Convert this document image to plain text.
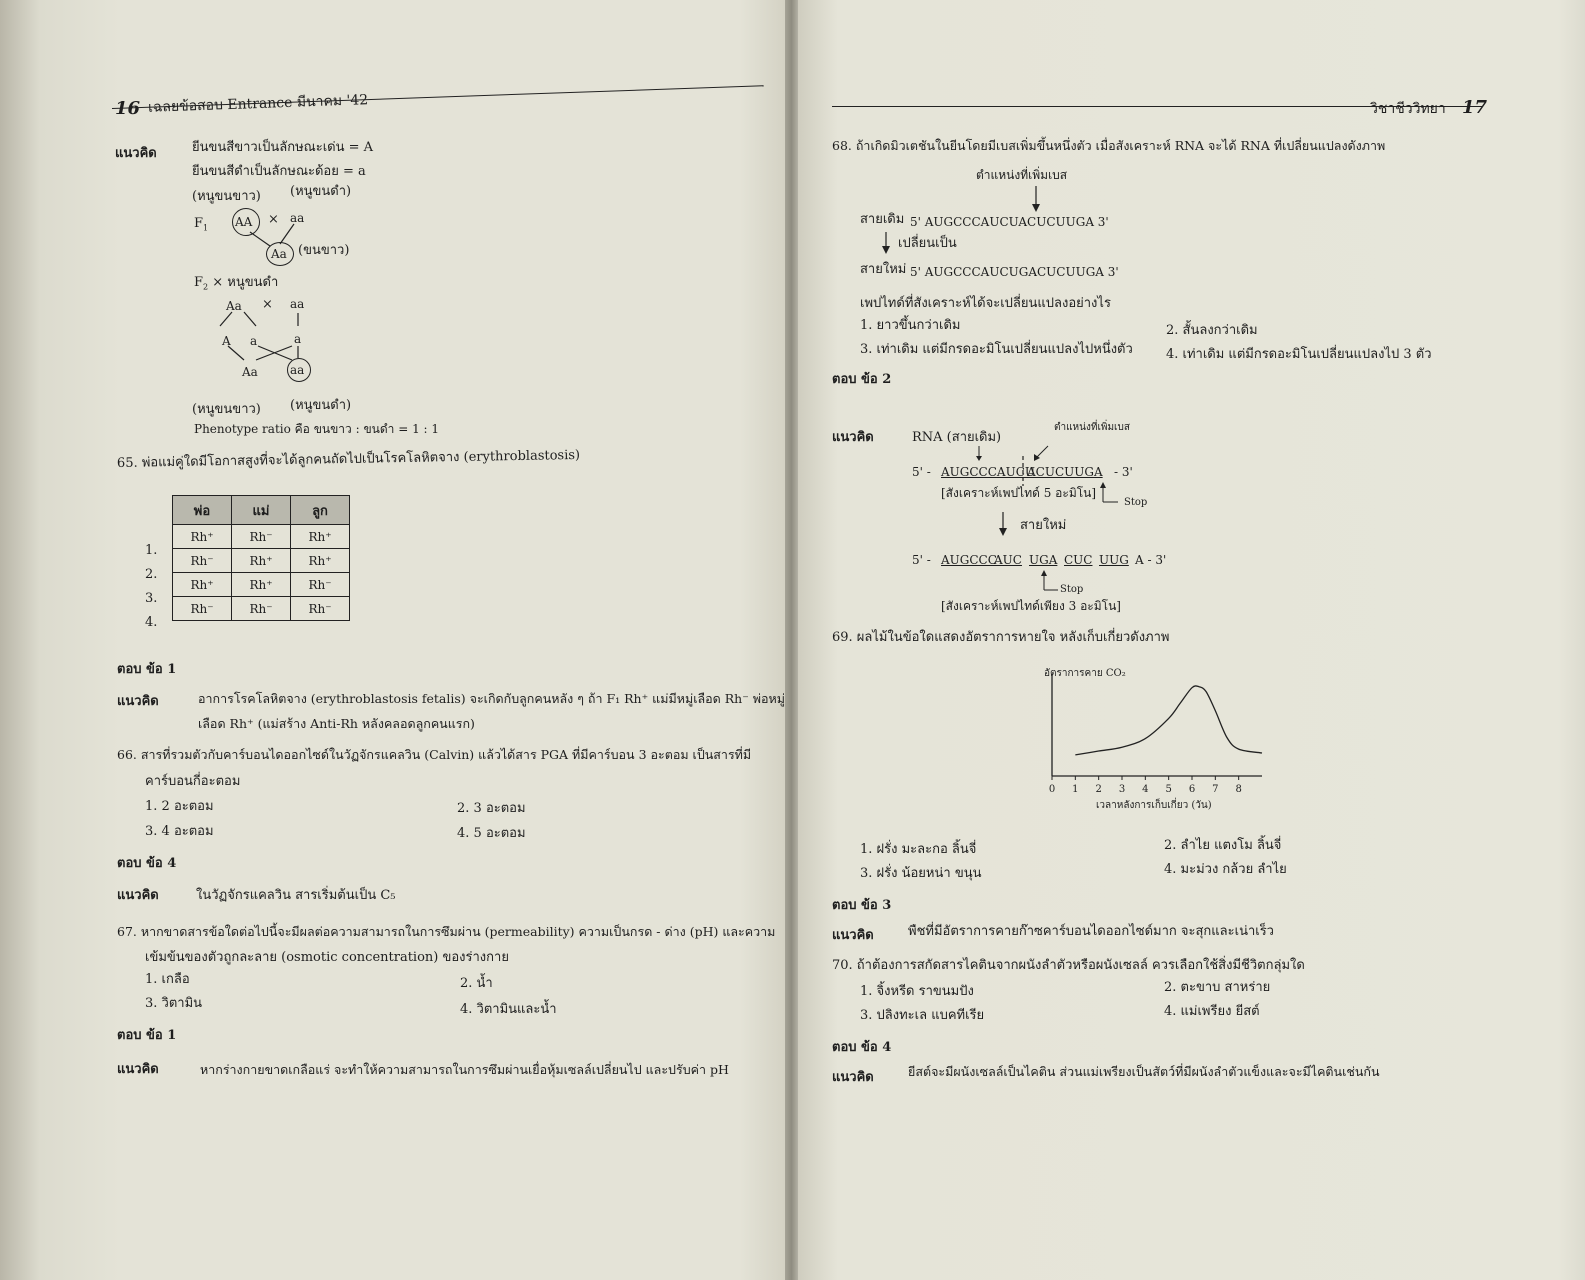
16 เฉลยข้อสอบ Entrance มีนาคม '42
แนวคิด	ยีนขนสีขาวเป็นลักษณะเด่น = A
ยีนขนสีดำเป็นลักษณะด้อย = a
(หนูขนขาว) (หนูขนดำ)
$F_1$ AA × aa
Aa (ขนขาว)
$F_2$ × หนูขนดำ
Aa × aa
A a	a
Aa	aa
(หนูขนขาว) (หนูขนดำ)
Phenotype ratio คือ ขนขาว : ขนดำ = 1 : 1
65. พ่อแม่คู่ใดมีโอกาสสูงที่จะได้ลูกคนถัดไปเป็นโรคโลหิตจาง (erythroblastosis)
พ่อ	แม่	ลูก
Rh⁺	Rh⁻	Rh⁺
Rh⁻	Rh⁺	Rh⁺
Rh⁺	Rh⁺	Rh⁻
Rh⁻	Rh⁻	Rh⁻
1.
2.
3.
4.
ตอบ ข้อ 1
แนวคิด	อาการโรคโลหิตจาง (erythroblastosis fetalis) จะเกิดกับลูกคนหลัง ๆ ถ้า F₁ Rh⁺ แม่มีหมู่เลือด Rh⁻ พ่อหมู่
เลือด Rh⁺ (แม่สร้าง Anti-Rh หลังคลอดลูกคนแรก)
66. สารที่รวมตัวกับคาร์บอนไดออกไซด์ในวัฏจักรแคลวิน (Calvin) แล้วได้สาร PGA ที่มีคาร์บอน 3 อะตอม เป็นสารที่มี
คาร์บอนกี่อะตอม
1. 2 อะตอม	2. 3 อะตอม
3. 4 อะตอม	4. 5 อะตอม
ตอบ ข้อ 4
แนวคิด	ในวัฏจักรแคลวิน สารเริ่มต้นเป็น C₅
67. หากขาดสารข้อใดต่อไปนี้จะมีผลต่อความสามารถในการซึมผ่าน (permeability) ความเป็นกรด - ด่าง (pH) และความ
เข้มข้นของตัวถูกละลาย (osmotic concentration) ของร่างกาย
1. เกลือ	2. น้ำ
3. วิตามิน	4. วิตามินและน้ำ
ตอบ ข้อ 1
แนวคิด	หากร่างกายขาดเกลือแร่ จะทำให้ความสามารถในการซึมผ่านเยื่อหุ้มเซลล์เปลี่ยนไป และปรับค่า pH
วิชาชีววิทยา 17
68. ถ้าเกิดมิวเตชันในยีนโดยมีเบสเพิ่มขึ้นหนึ่งตัว เมื่อสังเคราะห์ RNA จะได้ RNA ที่เปลี่ยนแปลงดังภาพ
ตำแหน่งที่เพิ่มเบส
สายเดิม 5' AUGCCCAUCUACUCUUGA 3'
เปลี่ยนเป็น
สายใหม่ 5' AUGCCCAUCUGACUCUUGA 3'
เพปไทด์ที่สังเคราะห์ได้จะเปลี่ยนแปลงอย่างไร
1. ยาวขึ้นกว่าเดิม	2. สั้นลงกว่าเดิม
3. เท่าเดิม แต่มีกรดอะมิโนเปลี่ยนแปลงไปหนึ่งตัว	4. เท่าเดิม แต่มีกรดอะมิโนเปลี่ยนแปลงไป 3 ตัว
ตอบ ข้อ 2
แนวคิด	RNA (สายเดิม)
ตำแหน่งที่เพิ่มเบส
5' - AUGCCCAUCU
ACUCUUGA - 3'
[สังเคราะห์เพปไทด์ 5 อะมิโน]
Stop
สายใหม่
5' - AUGCCC
AUC UGA CUC UUG A - 3'
Stop
[สังเคราะห์เพปไทด์เพียง 3 อะมิโน]
69. ผลไม้ในข้อใดแสดงอัตราการหายใจ หลังเก็บเกี่ยวดังภาพ
อัตราการคาย CO₂
0 1 2 3 4 5 6 7 8
เวลาหลังการเก็บเกี่ยว (วัน)
1. ฝรั่ง มะละกอ ลิ้นจี่	2. ลำไย แตงโม ลิ้นจี่
3. ฝรั่ง น้อยหน่า ขนุน	4. มะม่วง กล้วย ลำไย
ตอบ ข้อ 3
แนวคิด	พืชที่มีอัตราการคายก๊าซคาร์บอนไดออกไซด์มาก จะสุกและเน่าเร็ว
70. ถ้าต้องการสกัดสารไคตินจากผนังลำตัวหรือผนังเซลล์ ควรเลือกใช้สิ่งมีชีวิตกลุ่มใด
1. จิ้งหรีด ราขนมปัง	2. ตะขาบ สาหร่าย
3. ปลิงทะเล แบคทีเรีย	4. แม่เพรียง ยีสต์
ตอบ ข้อ 4
แนวคิด	ยีสต์จะมีผนังเซลล์เป็นไคติน ส่วนแม่เพรียงเป็นสัตว์ที่มีผนังลำตัวแข็งและจะมีไคตินเช่นกัน
